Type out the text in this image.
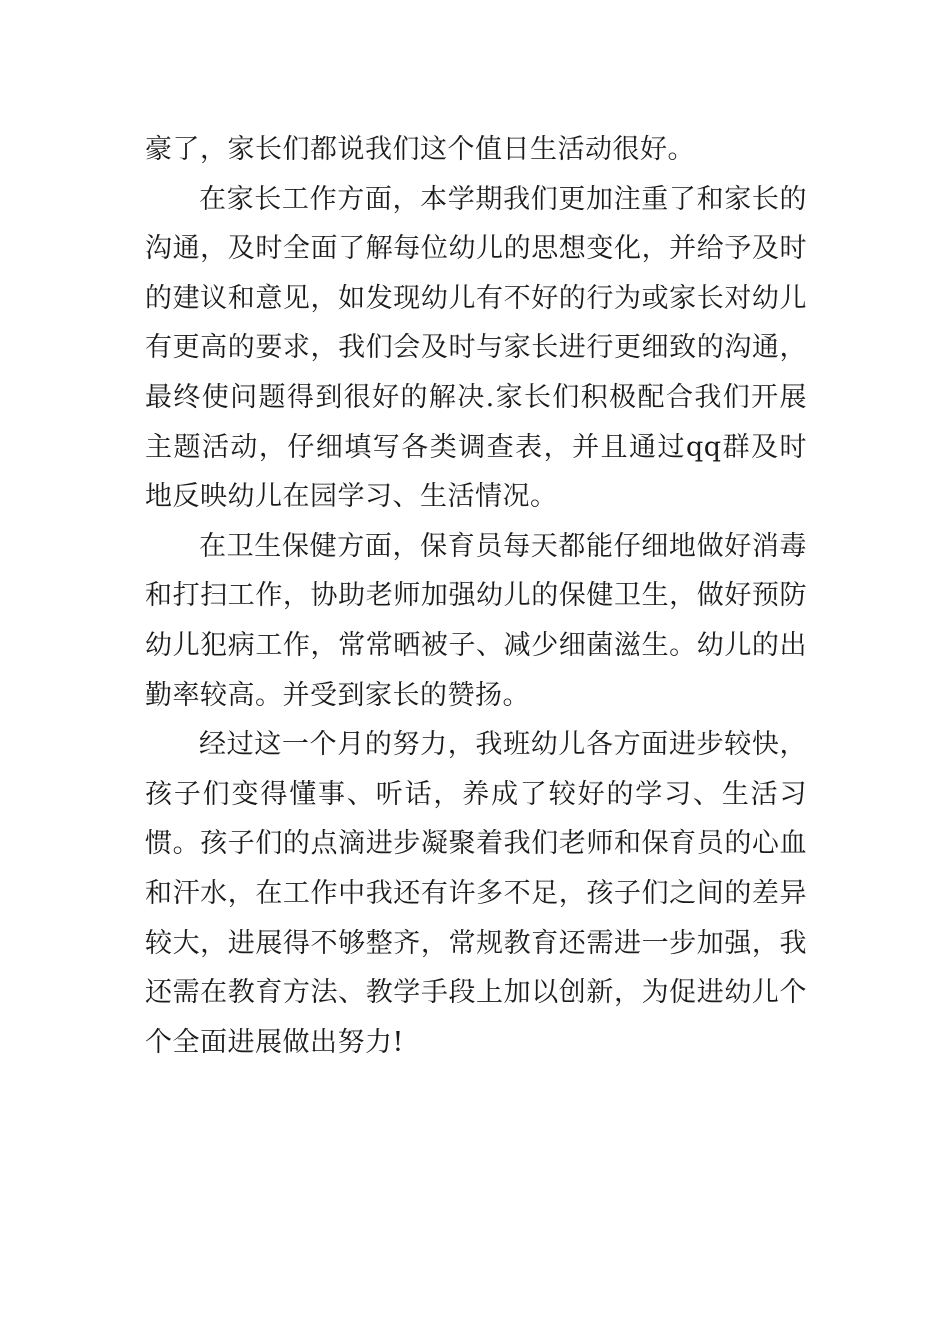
豪了，家长们都说我们这个值日生活动很好。

在家长工作方面，本学期我们更加注重了和家长的沟通，及时全面了解每位幼儿的思想变化，并给予及时的建议和意见，如发现幼儿有不好的行为或家长对幼儿有更高的要求，我们会及时与家长进行更细致的沟通，最终使问题得到很好的解决.家长们积极配合我们开展主题活动，仔细填写各类调查表，并且通过qq群及时地反映幼儿在园学习、生活情况。

在卫生保健方面，保育员每天都能仔细地做好消毒和打扫工作，协助老师加强幼儿的保健卫生，做好预防幼儿犯病工作，常常晒被子、减少细菌滋生。幼儿的出勤率较高。并受到家长的赞扬。

经过这一个月的努力，我班幼儿各方面进步较快，孩子们变得懂事、听话，养成了较好的学习、生活习惯。孩子们的点滴进步凝聚着我们老师和保育员的心血和汗水，在工作中我还有许多不足，孩子们之间的差异较大，进展得不够整齐，常规教育还需进一步加强，我还需在教育方法、教学手段上加以创新，为促进幼儿个个全面进展做出努力!
